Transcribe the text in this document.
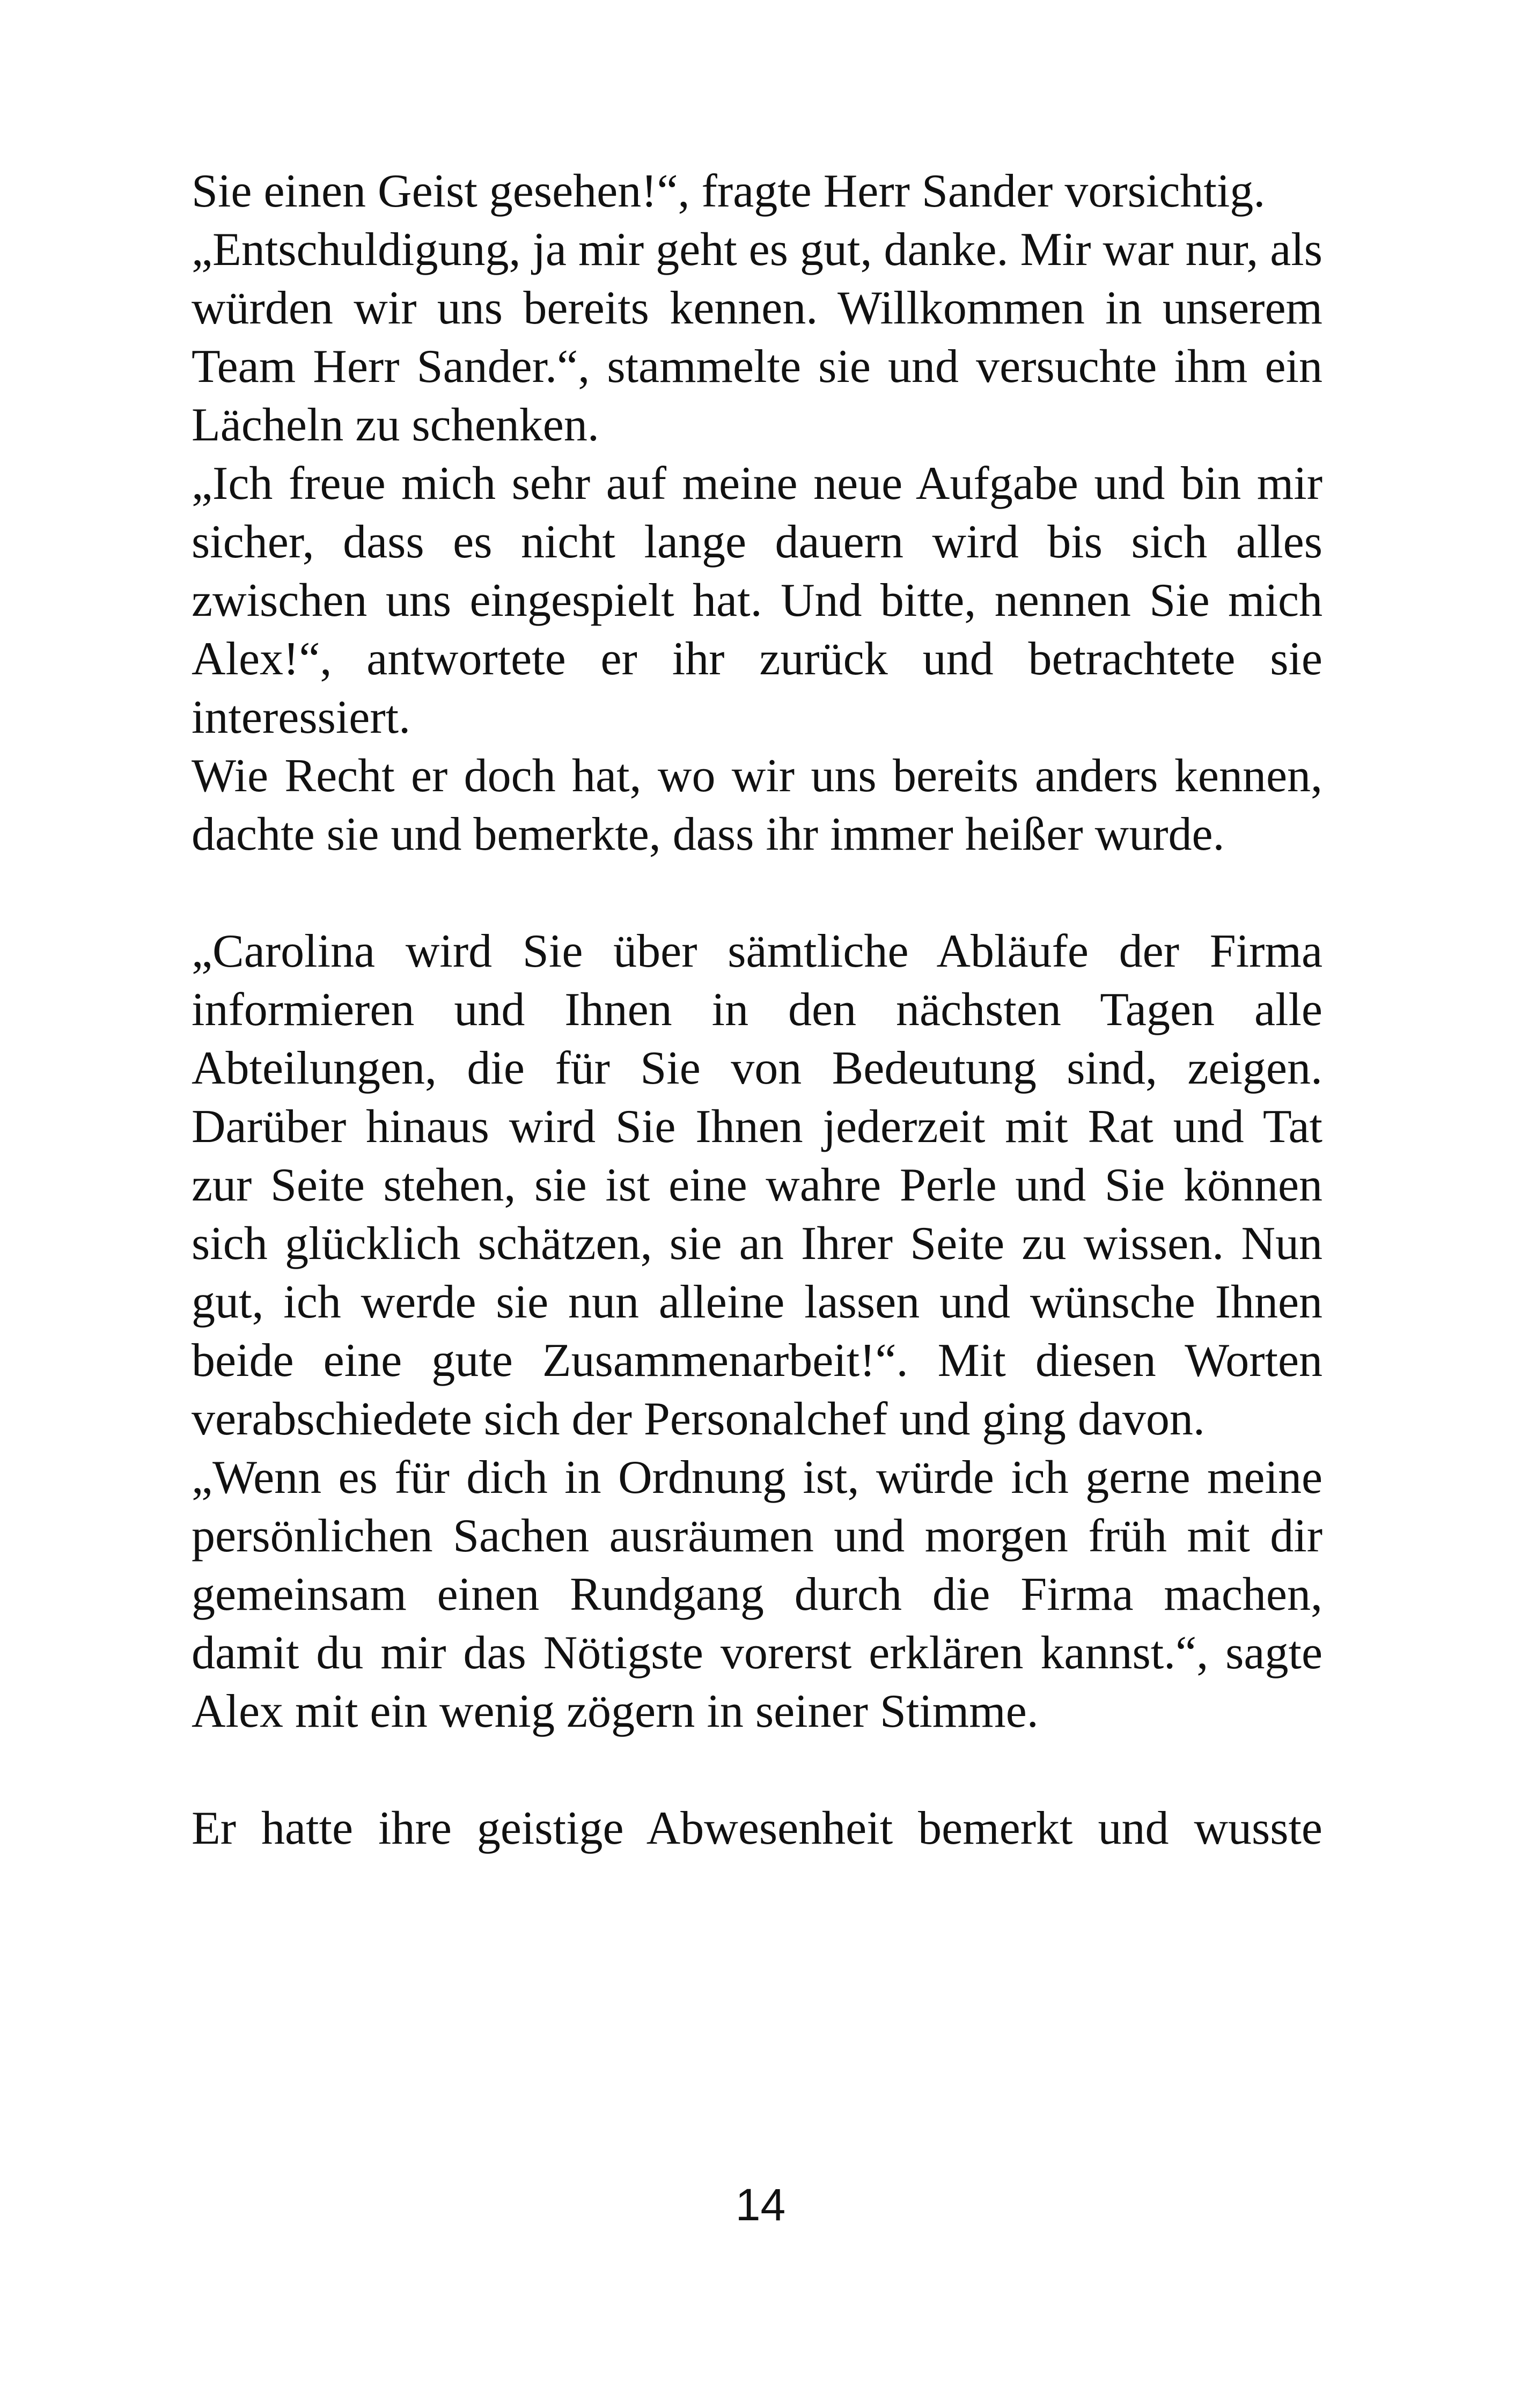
Sie einen Geist gesehen!“, fragte Herr Sander vorsichtig.

„Entschuldigung, ja mir geht es gut, danke. Mir war nur, als würden wir uns bereits kennen. Willkommen in unserem Team Herr Sander.“, stammelte sie und versuchte ihm ein Lächeln zu schenken.

„Ich freue mich sehr auf meine neue Aufgabe und bin mir sicher, dass es nicht lange dauern wird bis sich alles zwischen uns eingespielt hat. Und bitte, nennen Sie mich Alex!“, antwortete er ihr zurück und betrachtete sie interessiert.

Wie Recht er doch hat, wo wir uns bereits anders kennen, dachte sie und bemerkte, dass ihr immer heißer wurde.

„Carolina wird Sie über sämtliche Abläufe der Firma informieren und Ihnen in den nächsten Tagen alle Abteilungen, die für Sie von Bedeutung sind, zeigen. Darüber hinaus wird Sie Ihnen jederzeit mit Rat und Tat zur Seite stehen, sie ist eine wahre Perle und Sie können sich glücklich schätzen, sie an Ihrer Seite zu wissen. Nun gut, ich werde sie nun alleine lassen und wünsche Ihnen beide eine gute Zusammenarbeit!“. Mit diesen Worten verabschiedete sich der Personalchef und ging davon.

„Wenn es für dich in Ordnung ist, würde ich gerne meine persönlichen Sachen ausräumen und morgen früh mit dir gemeinsam einen Rundgang durch die Firma machen, damit du mir das Nötigste vorerst erklären kannst.“, sagte Alex mit ein wenig zögern in seiner Stimme.

Er hatte ihre geistige Abwesenheit bemerkt und wusste

14
